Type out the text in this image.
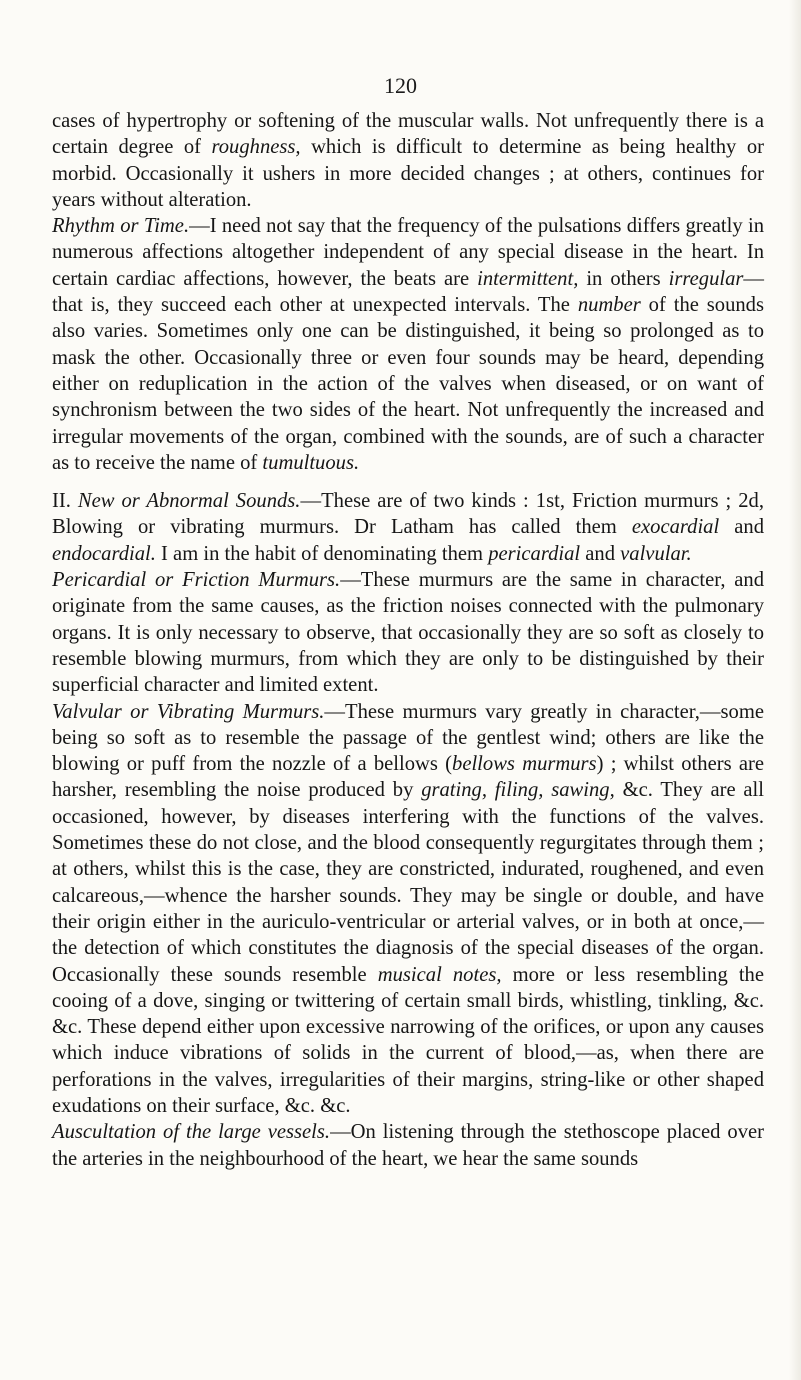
120

cases of hypertrophy or softening of the muscular walls. Not unfrequently there is a certain degree of roughness, which is difficult to determine as being healthy or morbid. Occasionally it ushers in more decided changes ; at others, continues for years without alteration.

Rhythm or Time.—I need not say that the frequency of the pulsations differs greatly in numerous affections altogether independent of any special disease in the heart. In certain cardiac affections, however, the beats are intermittent, in others irregular—that is, they succeed each other at unexpected intervals. The number of the sounds also varies. Sometimes only one can be distinguished, it being so prolonged as to mask the other. Occasionally three or even four sounds may be heard, depending either on reduplication in the action of the valves when diseased, or on want of synchronism between the two sides of the heart. Not unfrequently the increased and irregular movements of the organ, combined with the sounds, are of such a character as to receive the name of tumultuous.

II. New or Abnormal Sounds.—These are of two kinds : 1st, Friction murmurs ; 2d, Blowing or vibrating murmurs. Dr Latham has called them exocardial and endocardial. I am in the habit of denominating them pericardial and valvular.

Pericardial or Friction Murmurs.—These murmurs are the same in character, and originate from the same causes, as the friction noises connected with the pulmonary organs. It is only necessary to observe, that occasionally they are so soft as closely to resemble blowing murmurs, from which they are only to be distinguished by their superficial character and limited extent.

Valvular or Vibrating Murmurs.—These murmurs vary greatly in character,—some being so soft as to resemble the passage of the gentlest wind; others are like the blowing or puff from the nozzle of a bellows (bellows murmurs) ; whilst others are harsher, resembling the noise produced by grating, filing, sawing, &c. They are all occasioned, however, by diseases interfering with the functions of the valves. Sometimes these do not close, and the blood consequently regurgitates through them ; at others, whilst this is the case, they are constricted, indurated, roughened, and even calcareous,—whence the harsher sounds. They may be single or double, and have their origin either in the auriculo-ventricular or arterial valves, or in both at once,—the detection of which constitutes the diagnosis of the special diseases of the organ. Occasionally these sounds resemble musical notes, more or less resembling the cooing of a dove, singing or twittering of certain small birds, whistling, tinkling, &c. &c. These depend either upon excessive narrowing of the orifices, or upon any causes which induce vibrations of solids in the current of blood,—as, when there are perforations in the valves, irregularities of their margins, string-like or other shaped exudations on their surface, &c. &c.

Auscultation of the large vessels.—On listening through the stethoscope placed over the arteries in the neighbourhood of the heart, we hear the same sounds
